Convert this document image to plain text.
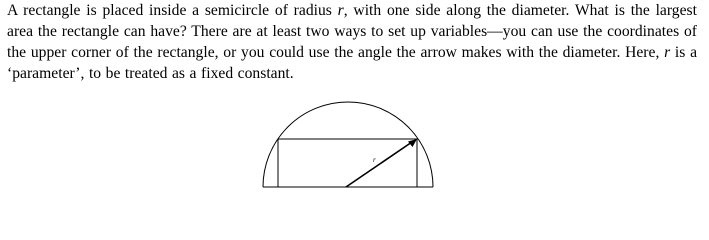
A rectangle is placed inside a semicircle of radius r, with one side along the diameter. What is the largest area the rectangle can have? There are at least two ways to set up variables—you can use the coordinates of the upper corner of the rectangle, or you could use the angle the arrow makes with the diameter. Here, r is a ‘parameter’, to be treated as a fixed constant.
r
